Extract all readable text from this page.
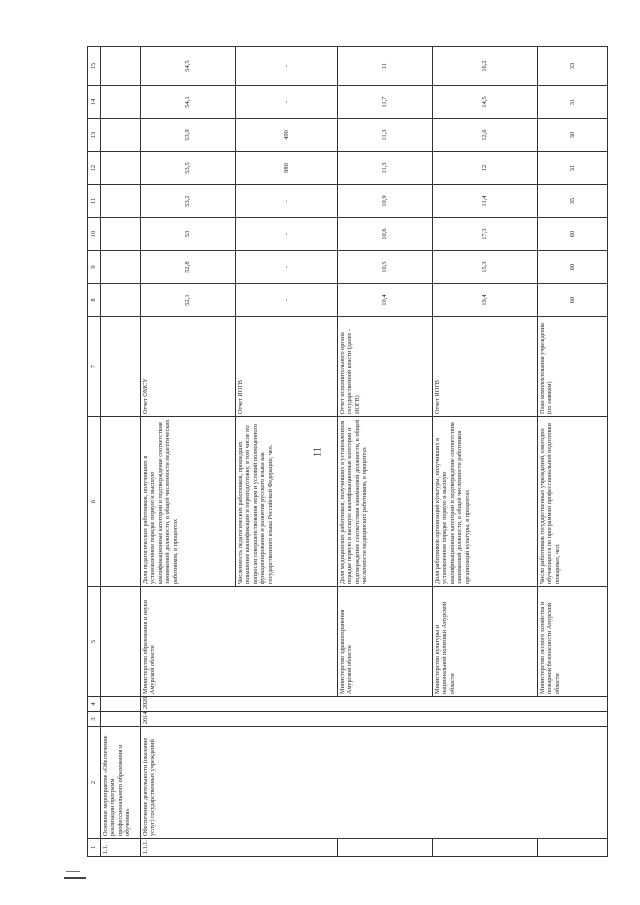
11
1	2	3	4	5	6	7	8	9	10	11	12	13	14	15
1.1.	Основное мероприятие «Обеспечение реализации программ профессионального образования и обучения»													
1.1.1.	Обеспечение деятельности (оказание услуг) государственных учреждений	2014	2020	Министерство образования и науки Амурской области	Доля педагогических работников, получивших в установленном порядке первую и высшую квалификационные категории и подтверждение соответствия занимаемой должности, в общей численности педагогических работников, в процентах	Отчет ОМСУ	52,1	52,8	53	53,2	53,5	53,9	54,1	54,5
					Численность педагогических работников, прошедших повышение квалификации и переподготовку, в том числе по вопросам совершенствования норм и условий полноценного функционирования и развития русского языка как государственного языка Российской Федерации, чел.	Отчет ИОГВ	-	-	-	-	980	490	-	-
				Министерство здравоохранения Амурской области	Доля медицинских работников, получивших в установленном порядке первую и высшую квалификационные категории и подтверждение соответствия занимаемой должности, в общей численности медицинских работников, в процентах	Отчет исполнительного органа государственной власти (далее - ИОГВ)	10,4	10,5	10,6	10,9	11,3	11,3	11,7	11
				Министерство культуры и национальной политики Амурской области	Доля работников организаций культуры, получивших в установленном порядке первую и высшую квалификационные категории и подтверждение соответствия занимаемой должности, в общей численности работников организаций культуры, в процентах	Отчет ИОГВ	19,4	15,3	17,3	11,4	12	12,6	14,5	16,2
				Министерство лесного хозяйства и пожарной безопасности Амурской области	Число работников государственных учреждений, ежегодно обучающихся по программам профессиональной подготовки пожарных, чел.	План комплектования учреждения (по заявкам)	60	60	60	35	31	30	31	33
